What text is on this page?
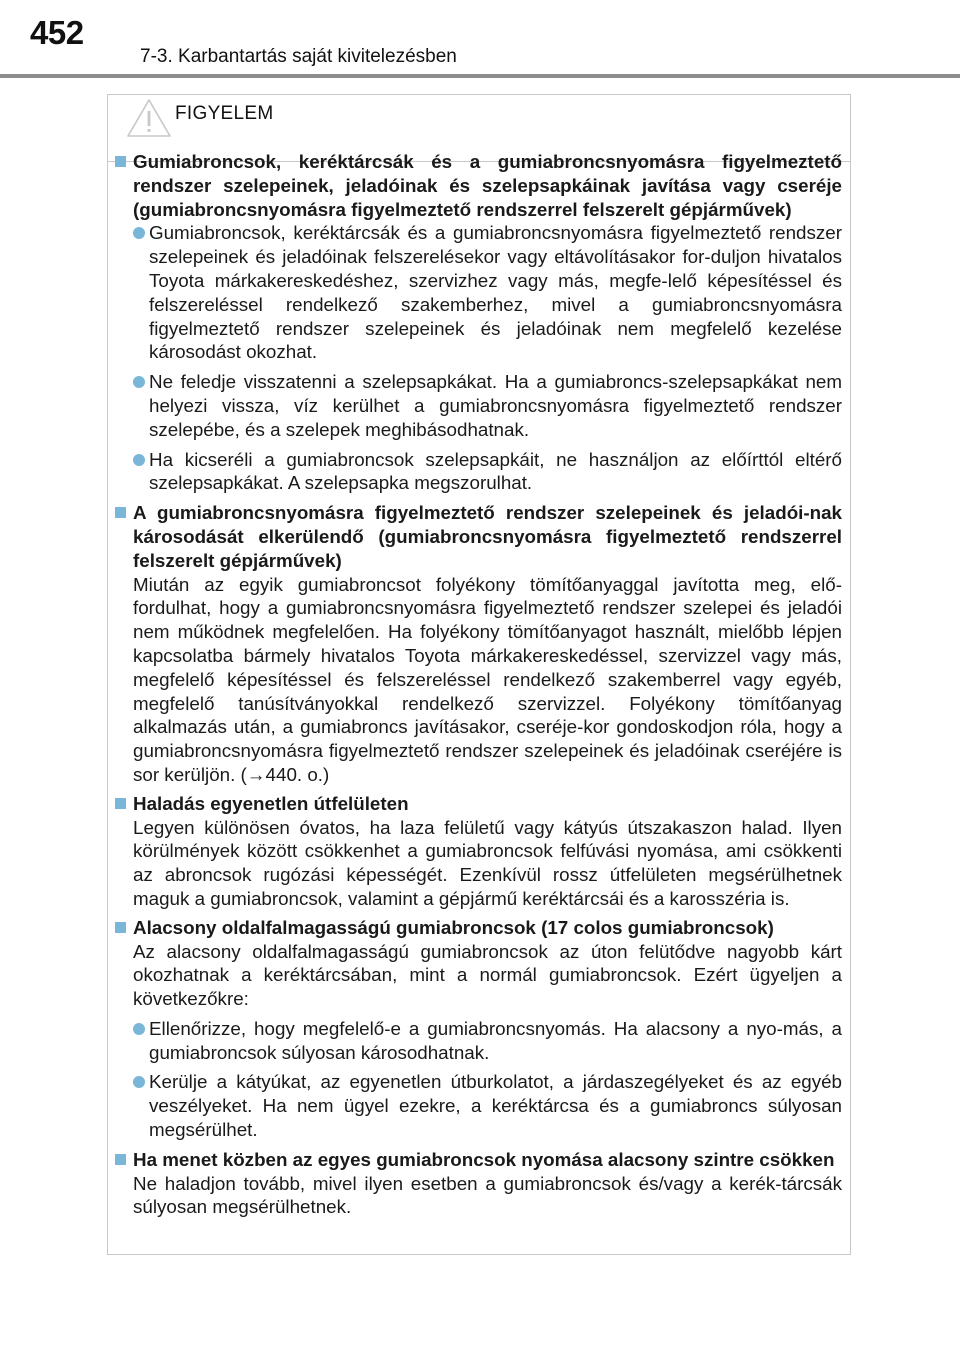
452
7-3. Karbantartás saját kivitelezésben
FIGYELEM
Gumiabroncsok, keréktárcsák és a gumiabroncsnyomásra figyelmeztető rendszer szelepeinek, jeladóinak és szelepsapkáinak javítása vagy cseréje (gumiabroncsnyomásra figyelmeztető rendszerrel felszerelt gépjárművek)
Gumiabroncsok, keréktárcsák és a gumiabroncsnyomásra figyelmeztető rendszer szelepeinek és jeladóinak felszerelésekor vagy eltávolításakor for-duljon hivatalos Toyota márkakereskedéshez, szervizhez vagy más, megfe-lelő képesítéssel és felszereléssel rendelkező szakemberhez, mivel a gumiabroncsnyomásra figyelmeztető rendszer szelepeinek és jeladóinak nem megfelelő kezelése károsodást okozhat.
Ne feledje visszatenni a szelepsapkákat. Ha a gumiabroncs-szelepsapkákat nem helyezi vissza, víz kerülhet a gumiabroncsnyomásra figyelmeztető rendszer szelepébe, és a szelepek meghibásodhatnak.
Ha kicseréli a gumiabroncsok szelepsapkáit, ne használjon az előírttól eltérő szelepsapkákat. A szelepsapka megszorulhat.
A gumiabroncsnyomásra figyelmeztető rendszer szelepeinek és jeladói-nak károsodását elkerülendő (gumiabroncsnyomásra figyelmeztető rendszerrel felszerelt gépjárművek)
Miután az egyik gumiabroncsot folyékony tömítőanyaggal javította meg, elő-fordulhat, hogy a gumiabroncsnyomásra figyelmeztető rendszer szelepei és jeladói nem működnek megfelelően. Ha folyékony tömítőanyagot használt, mielőbb lépjen kapcsolatba bármely hivatalos Toyota márkakereskedéssel, szervizzel vagy más, megfelelő képesítéssel és felszereléssel rendelkező szakemberrel vagy egyéb, megfelelő tanúsítványokkal rendelkező szervizzel. Folyékony tömítőanyag alkalmazás után, a gumiabroncs javításakor, cseréje-kor gondoskodjon róla, hogy a gumiabroncsnyomásra figyelmeztető rendszer szelepeinek és jeladóinak cseréjére is sor kerüljön. (→440. o.)
Haladás egyenetlen útfelületen
Legyen különösen óvatos, ha laza felületű vagy kátyús útszakaszon halad. Ilyen körülmények között csökkenhet a gumiabroncsok felfúvási nyomása, ami csökkenti az abroncsok rugózási képességét. Ezenkívül rossz útfelületen megsérülhetnek maguk a gumiabroncsok, valamint a gépjármű keréktárcsái és a karosszéria is.
Alacsony oldalfalmagasságú gumiabroncsok (17 colos gumiabroncsok)
Az alacsony oldalfalmagasságú gumiabroncsok az úton felütődve nagyobb kárt okozhatnak a keréktárcsában, mint a normál gumiabroncsok. Ezért ügyeljen a következőkre:
Ellenőrizze, hogy megfelelő-e a gumiabroncsnyomás. Ha alacsony a nyo-más, a gumiabroncsok súlyosan károsodhatnak.
Kerülje a kátyúkat, az egyenetlen útburkolatot, a járdaszegélyeket és az egyéb veszélyeket. Ha nem ügyel ezekre, a keréktárcsa és a gumiabroncs súlyosan megsérülhet.
Ha menet közben az egyes gumiabroncsok nyomása alacsony szintre csökken
Ne haladjon tovább, mivel ilyen esetben a gumiabroncsok és/vagy a kerék-tárcsák súlyosan megsérülhetnek.
